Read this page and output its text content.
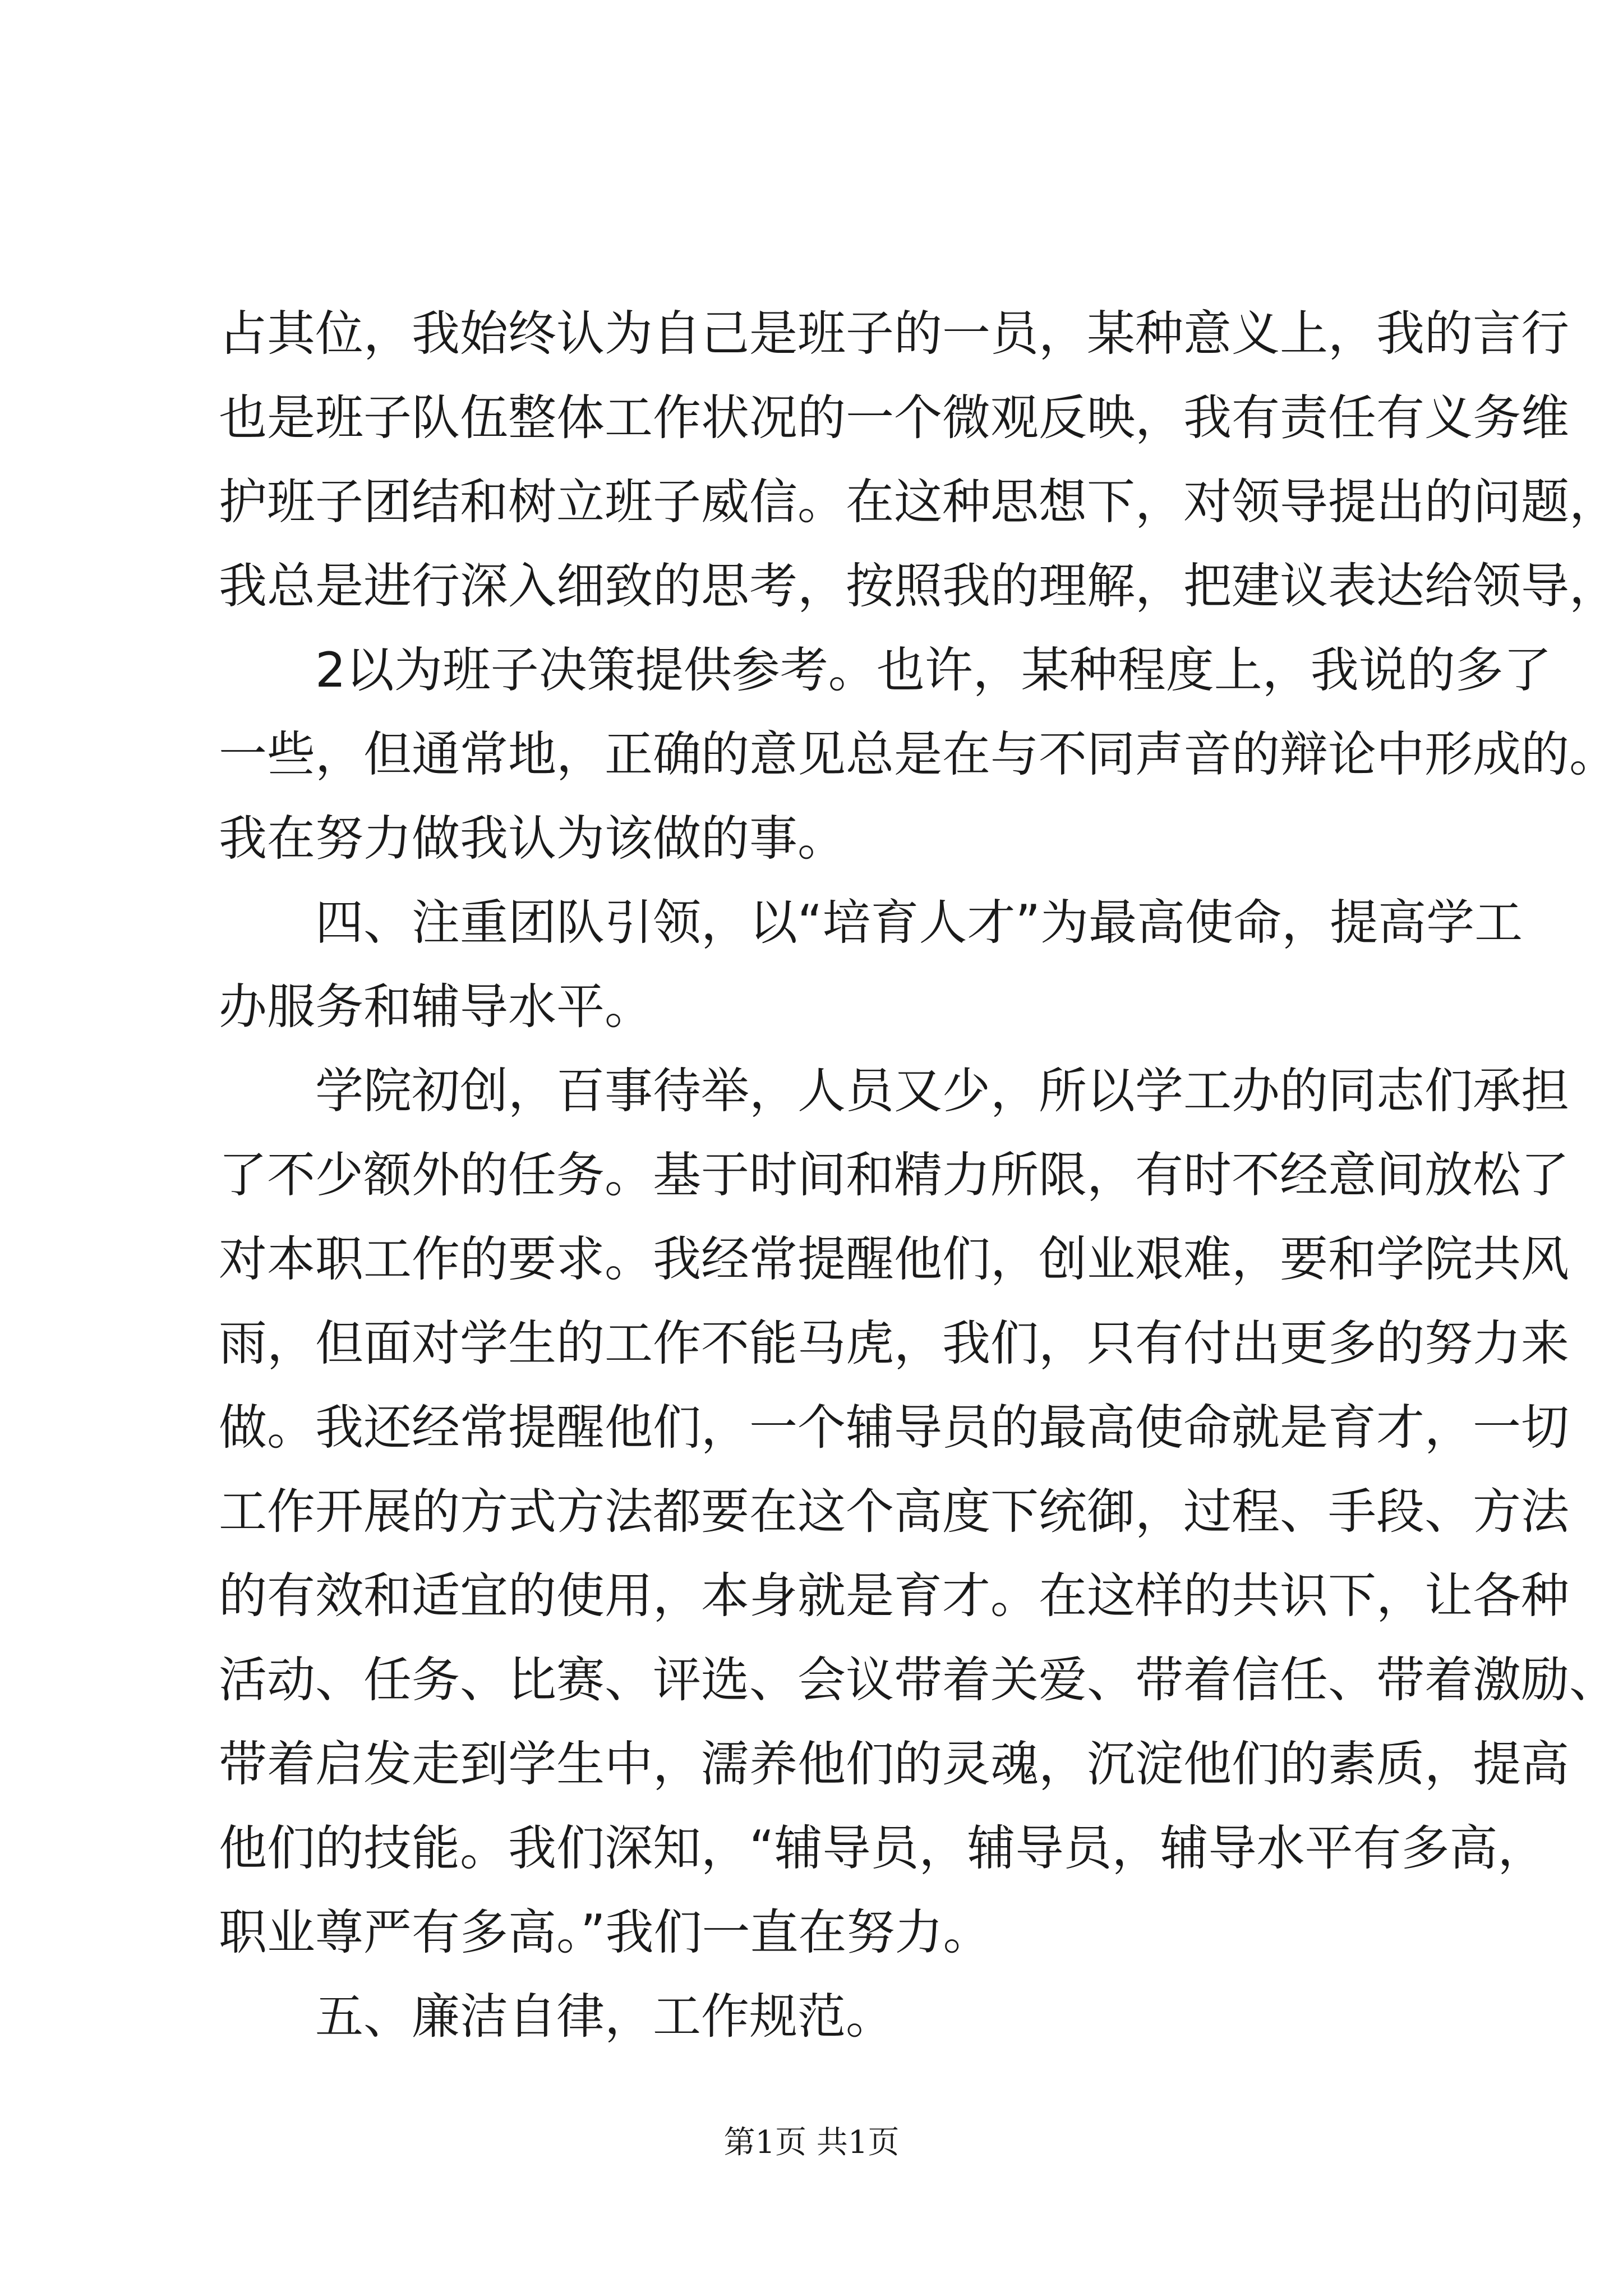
占其位，我始终认为自己是班子的一员，某种意义上，我的言行
也是班子队伍整体工作状况的一个微观反映，我有责任有义务维
护班子团结和树立班子威信。在这种思想下，对领导提出的问题，
我总是进行深入细致的思考，按照我的理解，把建议表达给领导，
　　2以为班子决策提供参考。也许，某种程度上，我说的多了
一些，但通常地，正确的意见总是在与不同声音的辩论中形成的。
我在努力做我认为该做的事。
　　四、注重团队引领，以“培育人才”为最高使命，提高学工
办服务和辅导水平。
　　学院初创，百事待举，人员又少，所以学工办的同志们承担
了不少额外的任务。基于时间和精力所限，有时不经意间放松了
对本职工作的要求。我经常提醒他们，创业艰难，要和学院共风
雨，但面对学生的工作不能马虎，我们，只有付出更多的努力来
做。我还经常提醒他们，一个辅导员的最高使命就是育才，一切
工作开展的方式方法都要在这个高度下统御，过程、手段、方法
的有效和适宜的使用，本身就是育才。在这样的共识下，让各种
活动、任务、比赛、评选、会议带着关爱、带着信任、带着激励、
带着启发走到学生中，濡养他们的灵魂，沉淀他们的素质，提高
他们的技能。我们深知，“辅导员，辅导员，辅导水平有多高，
职业尊严有多高。”我们一直在努力。
　　五、廉洁自律，工作规范。
第1页 共1页
